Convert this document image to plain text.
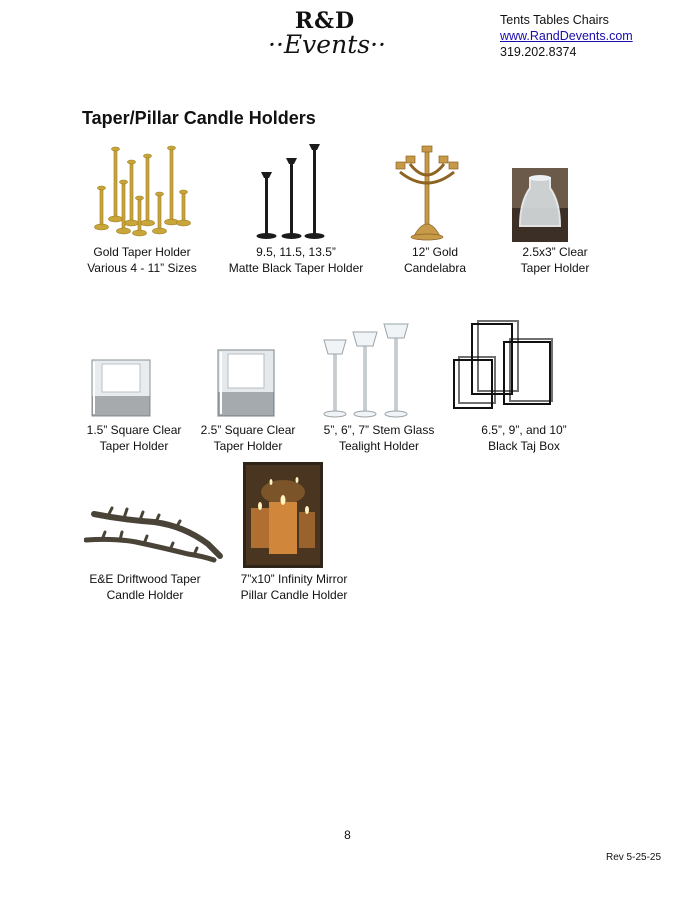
R&D
··Events··
Tents Tables Chairs
www.RandDevents.com
319.202.8374
Taper/Pillar Candle Holders
Gold Taper Holder
Various 4 - 11” Sizes
9.5, 11.5, 13.5”
Matte Black Taper Holder
12” Gold
Candelabra
2.5x3” Clear
Taper Holder
1.5” Square Clear
Taper Holder
2.5” Square Clear
Taper Holder
5”, 6”, 7” Stem Glass
Tealight Holder
6.5”, 9”, and 10”
Black Taj Box
E&E Driftwood Taper
Candle Holder
7”x10” Infinity Mirror
Pillar Candle Holder
8
Rev 5-25-25
